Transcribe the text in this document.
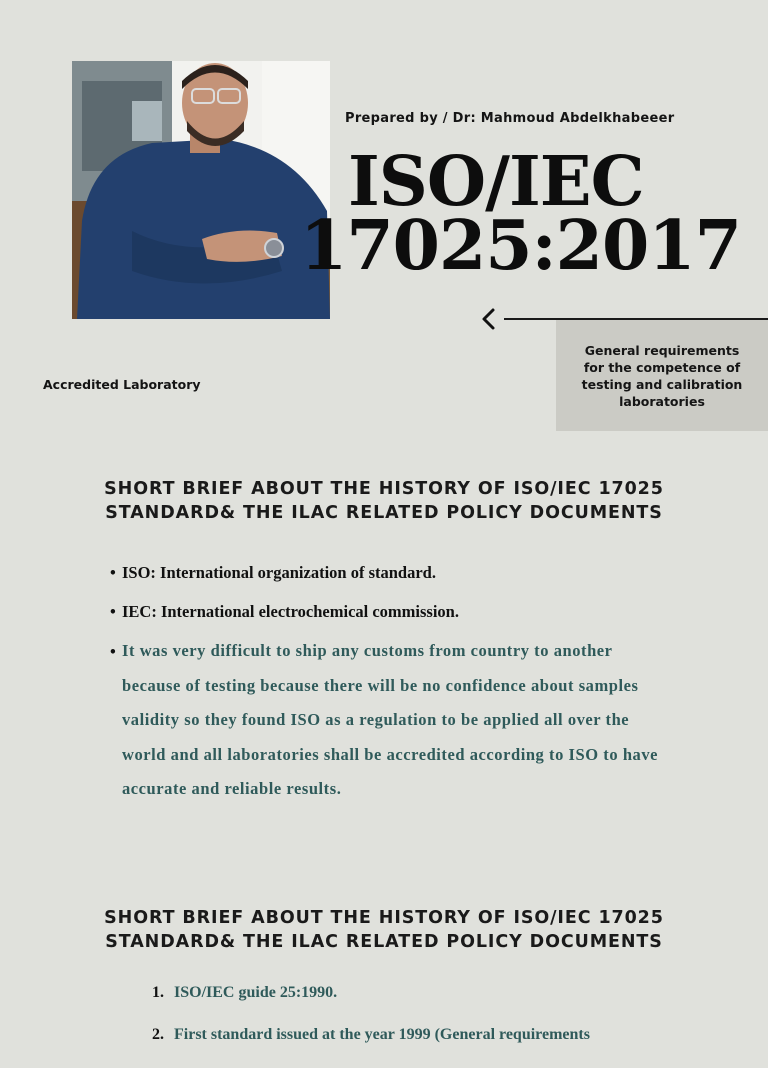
Prepared by / Dr: Mahmoud Abdelkhabeeer
ISO/IEC
17025:2017
General requirements for the competence of testing and calibration laboratories
Accredited Laboratory
SHORT BRIEF ABOUT THE HISTORY OF ISO/IEC 17025
STANDARD& THE ILAC RELATED POLICY DOCUMENTS
• ISO: International organization of standard.
• IEC: International electrochemical commission.
• It was very difficult to ship any customs from country to another because of testing because there will be no confidence about samples validity so they found ISO as a regulation to be applied all over the world and all laboratories shall be accredited according to ISO to have accurate and reliable results.
SHORT BRIEF ABOUT THE HISTORY OF ISO/IEC 17025
STANDARD& THE ILAC RELATED POLICY DOCUMENTS
1. ISO/IEC guide 25:1990.
2. First standard issued at the year 1999 (General requirements
